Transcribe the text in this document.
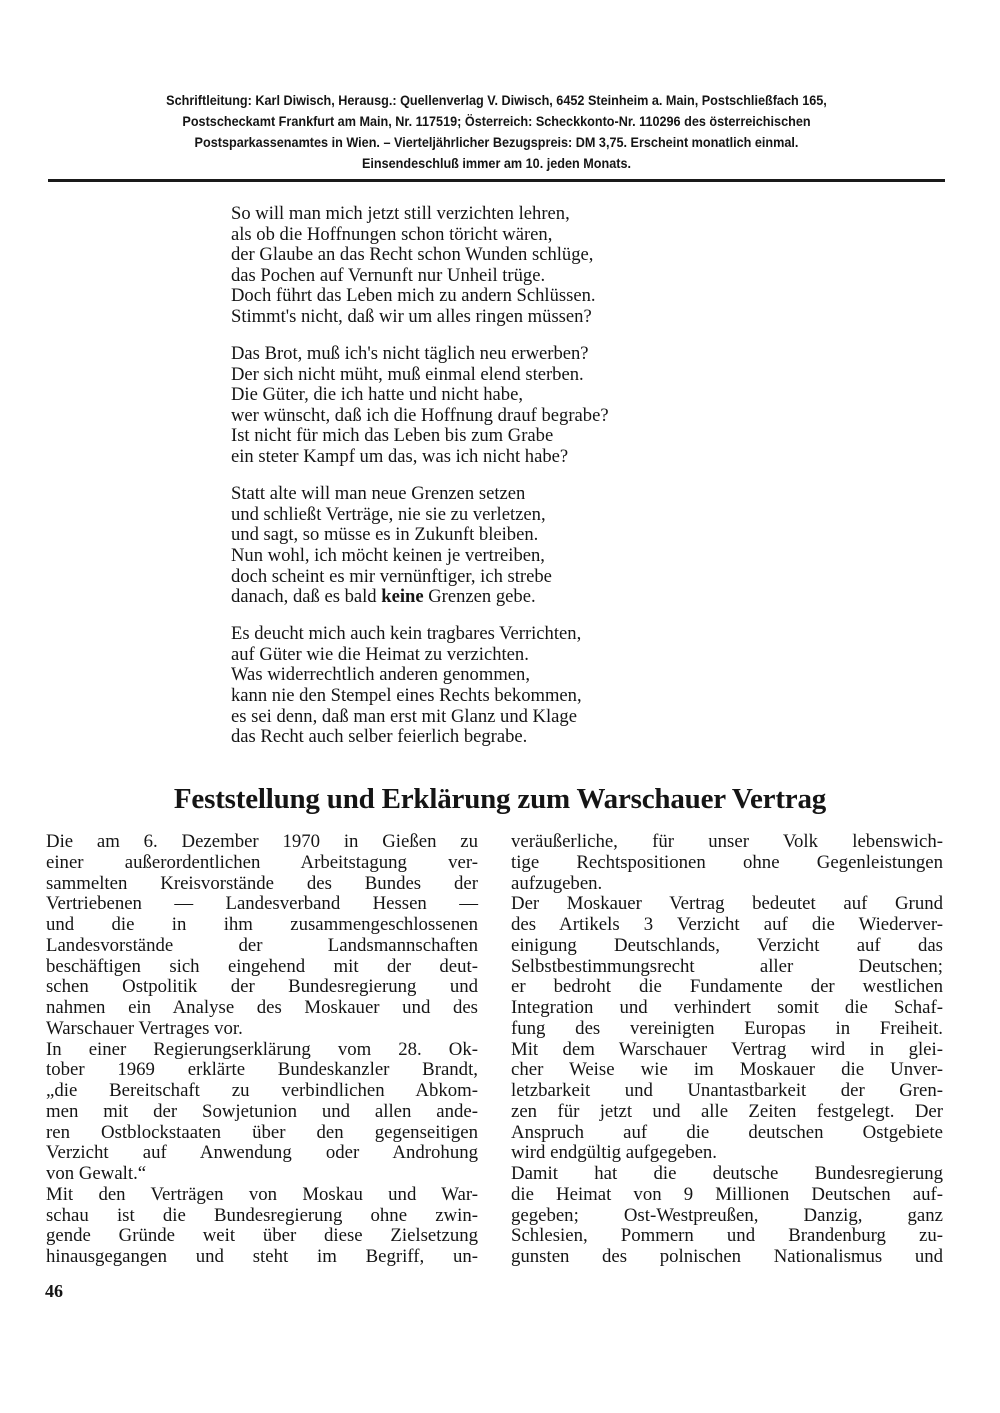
Schriftleitung: Karl Diwisch, Herausg.: Quellenverlag V. Diwisch, 6452 Steinheim a. Main, Postschließfach 165,
Postscheckamt Frankfurt am Main, Nr. 117519; Österreich: Scheckkonto-Nr. 110296 des österreichischen
Postsparkassenamtes in Wien. – Vierteljährlicher Bezugspreis: DM 3,75. Erscheint monatlich einmal.
Einsendeschluß immer am 10. jeden Monats.
So will man mich jetzt still verzichten lehren,
als ob die Hoffnungen schon töricht wären,
der Glaube an das Recht schon Wunden schlüge,
das Pochen auf Vernunft nur Unheil trüge.
Doch führt das Leben mich zu andern Schlüssen.
Stimmt's nicht, daß wir um alles ringen müssen?
Das Brot, muß ich's nicht täglich neu erwerben?
Der sich nicht müht, muß einmal elend sterben.
Die Güter, die ich hatte und nicht habe,
wer wünscht, daß ich die Hoffnung drauf begrabe?
Ist nicht für mich das Leben bis zum Grabe
ein steter Kampf um das, was ich nicht habe?
Statt alte will man neue Grenzen setzen
und schließt Verträge, nie sie zu verletzen,
und sagt, so müsse es in Zukunft bleiben.
Nun wohl, ich möcht keinen je vertreiben,
doch scheint es mir vernünftiger, ich strebe
danach, daß es bald keine Grenzen gebe.
Es deucht mich auch kein tragbares Verrichten,
auf Güter wie die Heimat zu verzichten.
Was widerrechtlich anderen genommen,
kann nie den Stempel eines Rechts bekommen,
es sei denn, daß man erst mit Glanz und Klage
das Recht auch selber feierlich begrabe.
Feststellung und Erklärung zum Warschauer Vertrag
Die am 6. Dezember 1970 in Gießen zu
einer außerordentlichen Arbeitstagung ver-
sammelten Kreisvorstände des Bundes der
Vertriebenen — Landesverband Hessen —
und die in ihm zusammengeschlossenen
Landesvorstände der Landsmannschaften
beschäftigen sich eingehend mit der deut-
schen Ostpolitik der Bundesregierung und
nahmen ein Analyse des Moskauer und des
Warschauer Vertrages vor.
In einer Regierungserklärung vom 28. Ok-
tober 1969 erklärte Bundeskanzler Brandt,
„die Bereitschaft zu verbindlichen Abkom-
men mit der Sowjetunion und allen ande-
ren Ostblockstaaten über den gegenseitigen
Verzicht auf Anwendung oder Androhung
von Gewalt.“
Mit den Verträgen von Moskau und War-
schau ist die Bundesregierung ohne zwin-
gende Gründe weit über diese Zielsetzung
hinausgegangen und steht im Begriff, un-
veräußerliche, für unser Volk lebenswich-
tige Rechtspositionen ohne Gegenleistungen
aufzugeben.
Der Moskauer Vertrag bedeutet auf Grund
des Artikels 3 Verzicht auf die Wiederver-
einigung Deutschlands, Verzicht auf das
Selbstbestimmungsrecht aller Deutschen;
er bedroht die Fundamente der westlichen
Integration und verhindert somit die Schaf-
fung des vereinigten Europas in Freiheit.
Mit dem Warschauer Vertrag wird in glei-
cher Weise wie im Moskauer die Unver-
letzbarkeit und Unantastbarkeit der Gren-
zen für jetzt und alle Zeiten festgelegt. Der
Anspruch auf die deutschen Ostgebiete
wird endgültig aufgegeben.
Damit hat die deutsche Bundesregierung
die Heimat von 9 Millionen Deutschen auf-
gegeben; Ost-Westpreußen, Danzig, ganz
Schlesien, Pommern und Brandenburg zu-
gunsten des polnischen Nationalismus und
46
